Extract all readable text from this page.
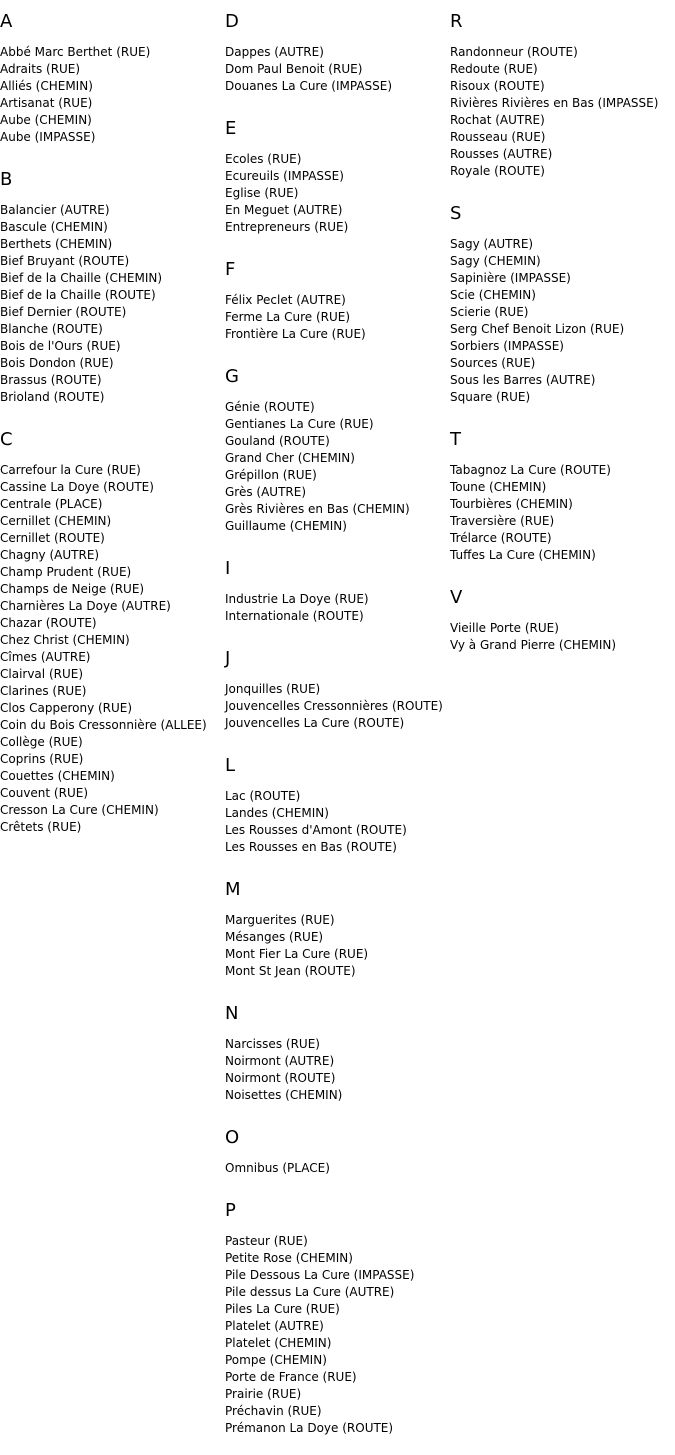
A
Abbé Marc Berthet (RUE)
Adraits (RUE)
Alliés (CHEMIN)
Artisanat (RUE)
Aube (CHEMIN)
Aube (IMPASSE)
B
Balancier (AUTRE)
Bascule (CHEMIN)
Berthets (CHEMIN)
Bief Bruyant (ROUTE)
Bief de la Chaille (CHEMIN)
Bief de la Chaille (ROUTE)
Bief Dernier (ROUTE)
Blanche (ROUTE)
Bois de l'Ours (RUE)
Bois Dondon (RUE)
Brassus (ROUTE)
Brioland (ROUTE)
C
Carrefour la Cure (RUE)
Cassine La Doye (ROUTE)
Centrale (PLACE)
Cernillet (CHEMIN)
Cernillet (ROUTE)
Chagny (AUTRE)
Champ Prudent (RUE)
Champs de Neige (RUE)
Charnières La Doye (AUTRE)
Chazar (ROUTE)
Chez Christ (CHEMIN)
Cîmes (AUTRE)
Clairval (RUE)
Clarines (RUE)
Clos Capperony (RUE)
Coin du Bois Cressonnière (ALLEE)
Collège (RUE)
Coprins (RUE)
Couettes (CHEMIN)
Couvent (RUE)
Cresson La Cure (CHEMIN)
Crêtets (RUE)
D
Dappes (AUTRE)
Dom Paul Benoit (RUE)
Douanes La Cure (IMPASSE)
E
Ecoles (RUE)
Ecureuils (IMPASSE)
Eglise (RUE)
En Meguet (AUTRE)
Entrepreneurs (RUE)
F
Félix Peclet (AUTRE)
Ferme La Cure (RUE)
Frontière La Cure (RUE)
G
Génie (ROUTE)
Gentianes La Cure (RUE)
Gouland (ROUTE)
Grand Cher (CHEMIN)
Grépillon (RUE)
Grès (AUTRE)
Grès Rivières en Bas (CHEMIN)
Guillaume (CHEMIN)
I
Industrie La Doye (RUE)
Internationale (ROUTE)
J
Jonquilles (RUE)
Jouvencelles Cressonnières (ROUTE)
Jouvencelles La Cure (ROUTE)
L
Lac (ROUTE)
Landes (CHEMIN)
Les Rousses d'Amont (ROUTE)
Les Rousses en Bas (ROUTE)
M
Marguerites (RUE)
Mésanges (RUE)
Mont Fier La Cure (RUE)
Mont St Jean (ROUTE)
N
Narcisses (RUE)
Noirmont (AUTRE)
Noirmont (ROUTE)
Noisettes (CHEMIN)
O
Omnibus (PLACE)
P
Pasteur (RUE)
Petite Rose (CHEMIN)
Pile Dessous La Cure (IMPASSE)
Pile dessus La Cure (AUTRE)
Piles La Cure (RUE)
Platelet (AUTRE)
Platelet (CHEMIN)
Pompe (CHEMIN)
Porte de France (RUE)
Prairie (RUE)
Préchavin (RUE)
Prémanon La Doye (ROUTE)
R
Randonneur (ROUTE)
Redoute (RUE)
Risoux (ROUTE)
Rivières Rivières en Bas (IMPASSE)
Rochat (AUTRE)
Rousseau (RUE)
Rousses (AUTRE)
Royale (ROUTE)
S
Sagy (AUTRE)
Sagy (CHEMIN)
Sapinière (IMPASSE)
Scie (CHEMIN)
Scierie (RUE)
Serg Chef Benoit Lizon (RUE)
Sorbiers (IMPASSE)
Sources (RUE)
Sous les Barres (AUTRE)
Square (RUE)
T
Tabagnoz La Cure (ROUTE)
Toune (CHEMIN)
Tourbières (CHEMIN)
Traversière (RUE)
Trélarce (ROUTE)
Tuffes La Cure (CHEMIN)
V
Vieille Porte (RUE)
Vy à Grand Pierre (CHEMIN)
